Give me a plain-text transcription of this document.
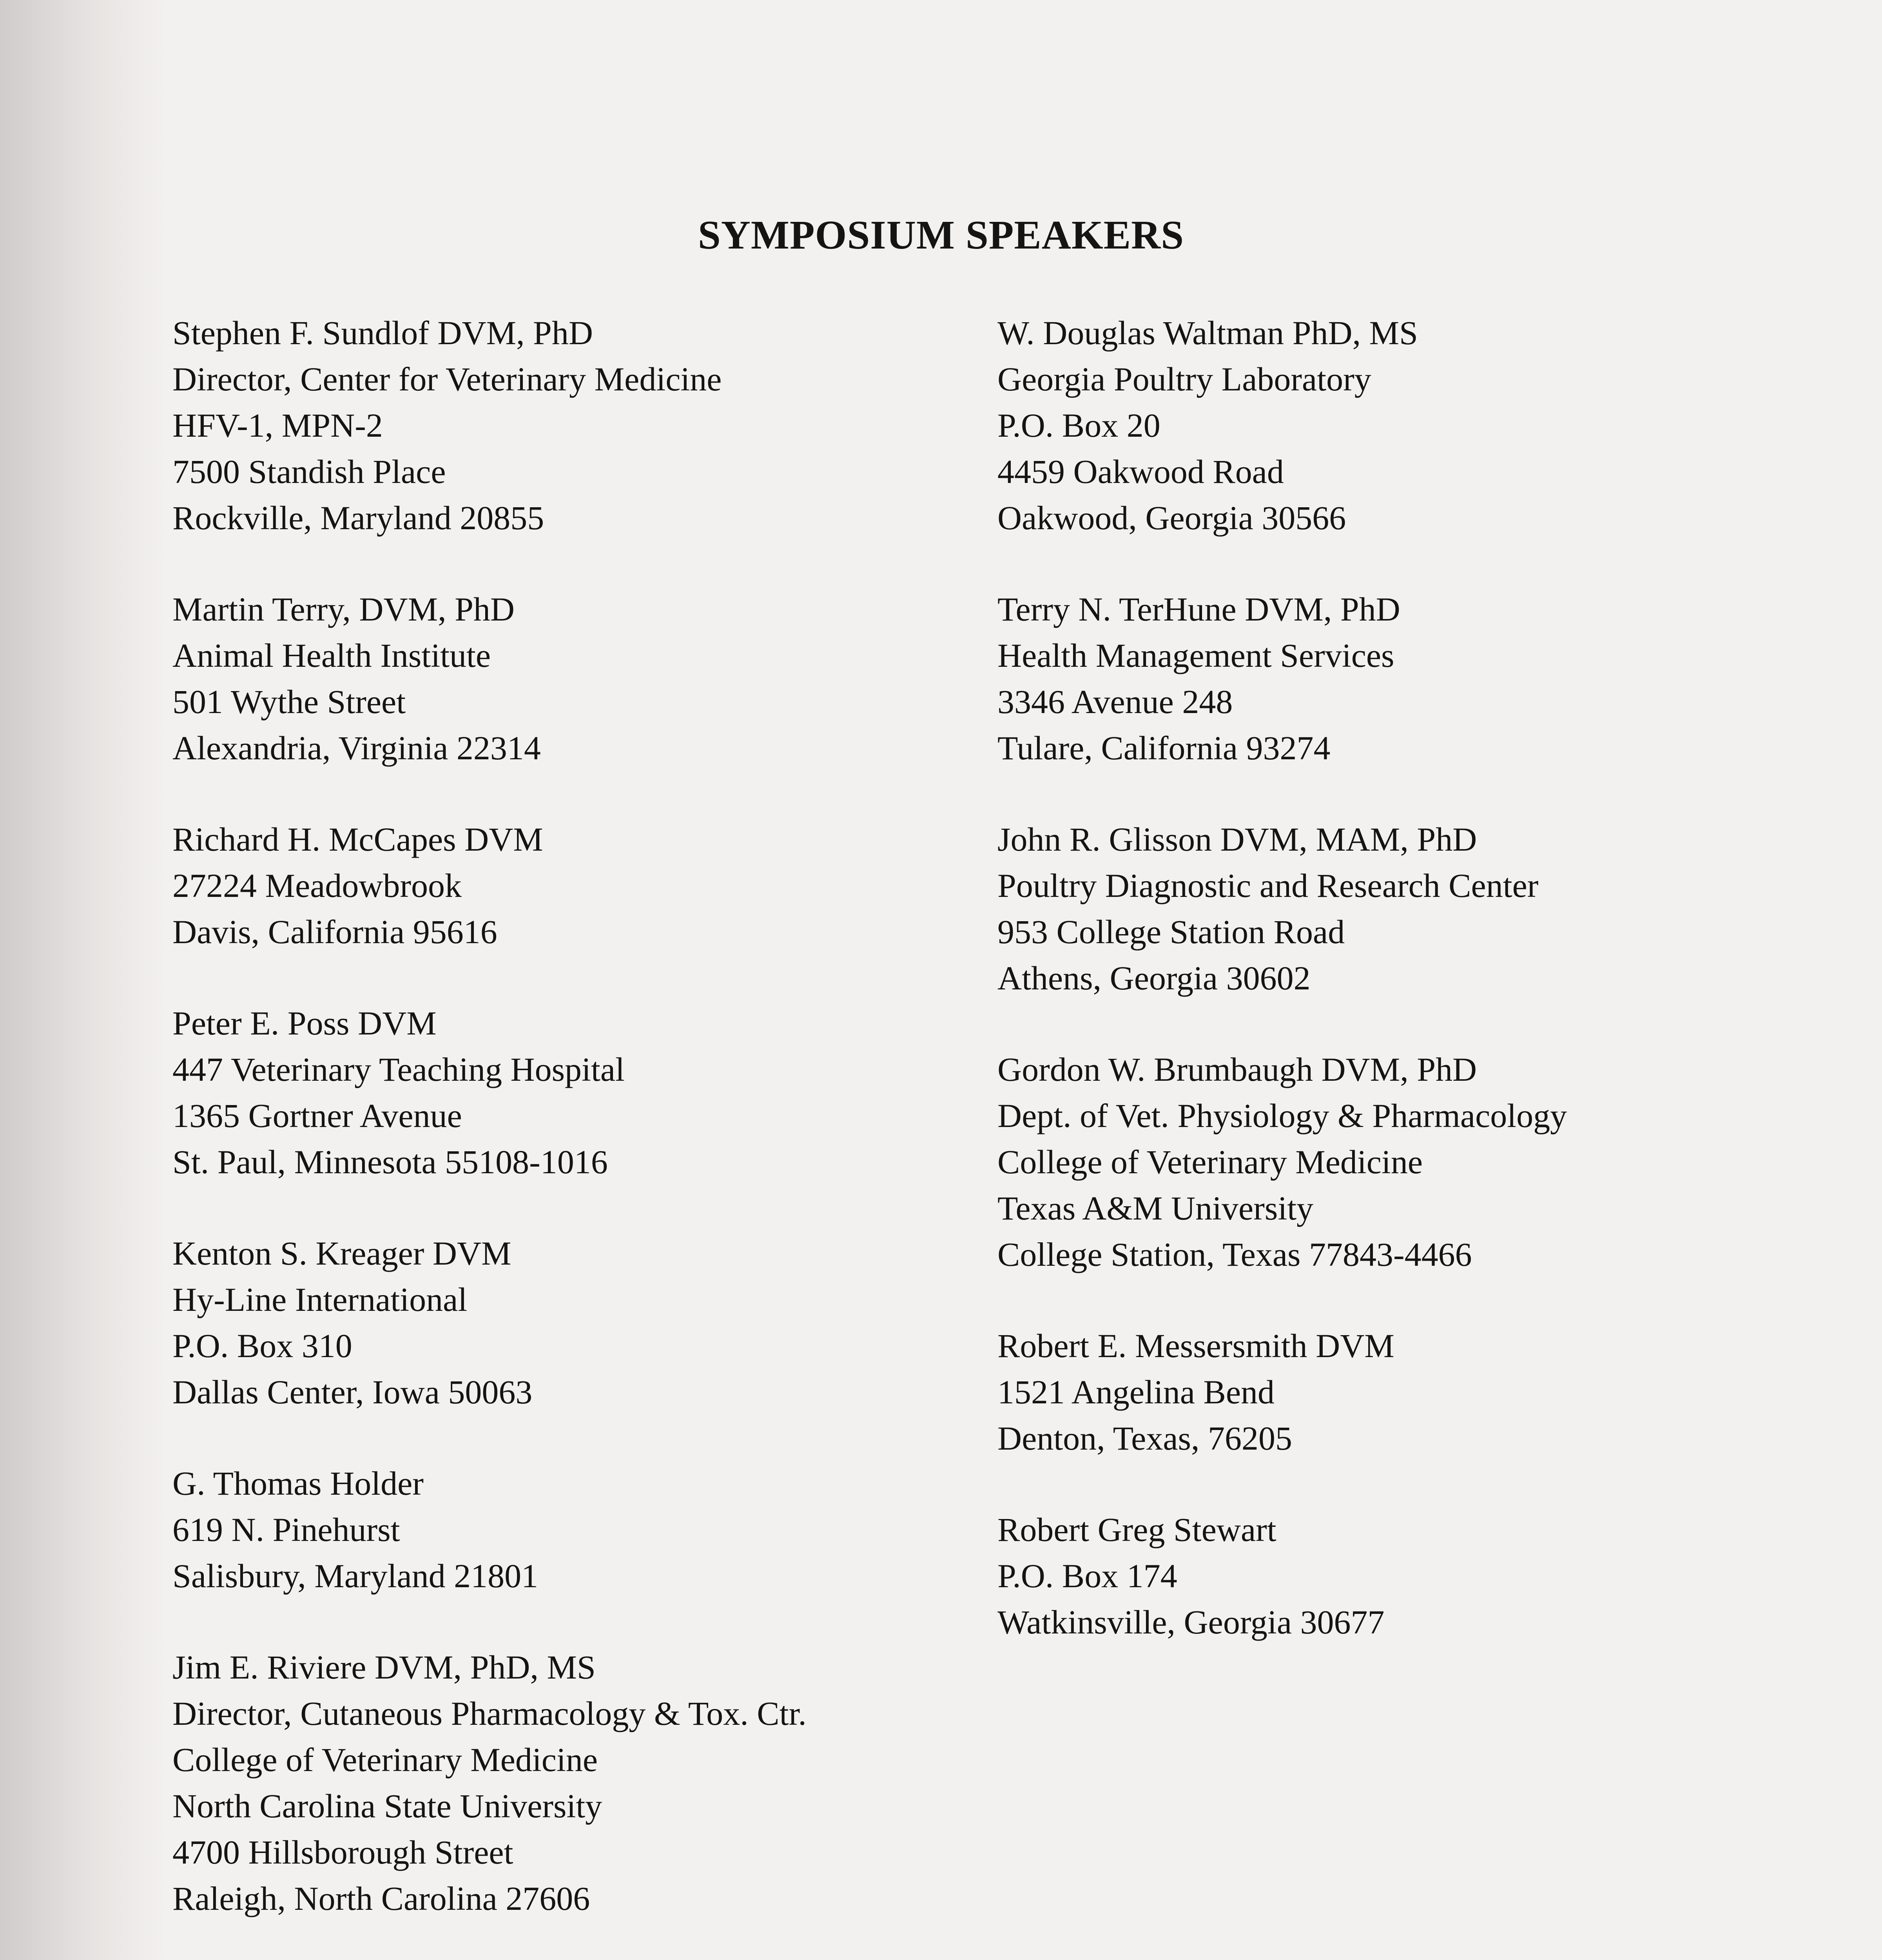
SYMPOSIUM SPEAKERS
Stephen F. Sundlof DVM, PhD
Director, Center for Veterinary Medicine
HFV-1, MPN-2
7500 Standish Place
Rockville, Maryland 20855
Martin Terry, DVM, PhD
Animal Health Institute
501 Wythe Street
Alexandria, Virginia 22314
Richard H. McCapes DVM
27224 Meadowbrook
Davis, California 95616
Peter E. Poss DVM
447 Veterinary Teaching Hospital
1365 Gortner Avenue
St. Paul, Minnesota 55108-1016
Kenton S. Kreager DVM
Hy-Line International
P.O. Box 310
Dallas Center, Iowa 50063
G. Thomas Holder
619 N. Pinehurst
Salisbury, Maryland 21801
Jim E. Riviere DVM, PhD, MS
Director, Cutaneous Pharmacology & Tox. Ctr.
College of Veterinary Medicine
North Carolina State University
4700 Hillsborough Street
Raleigh, North Carolina 27606
W. Douglas Waltman PhD, MS
Georgia Poultry Laboratory
P.O. Box 20
4459 Oakwood Road
Oakwood, Georgia 30566
Terry N. TerHune DVM, PhD
Health Management Services
3346 Avenue 248
Tulare, California 93274
John R. Glisson DVM, MAM, PhD
Poultry Diagnostic and Research Center
953 College Station Road
Athens, Georgia 30602
Gordon W. Brumbaugh DVM, PhD
Dept. of Vet. Physiology & Pharmacology
College of Veterinary Medicine
Texas A&M University
College Station, Texas 77843-4466
Robert E. Messersmith DVM
1521 Angelina Bend
Denton, Texas, 76205
Robert Greg Stewart
P.O. Box 174
Watkinsville, Georgia 30677
